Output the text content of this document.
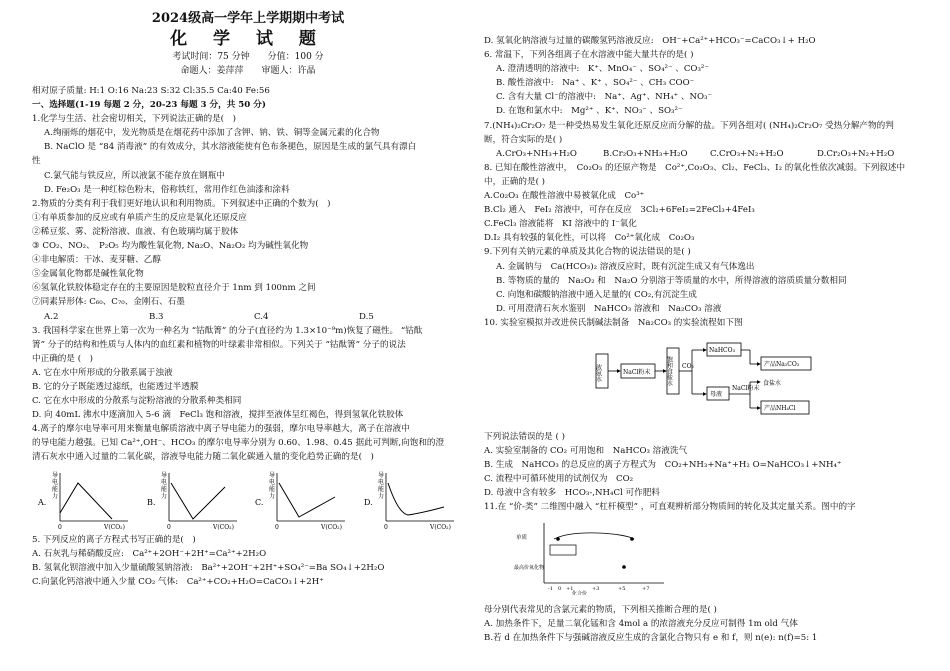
2024级高一学年上学期期中考试
化 学 试 题
考试时间：75 分钟　　分值：100 分
命题人：姜萍萍　　审题人：许晶
相对原子质量: H:1 O:16 Na:23 S:32 Cl:35.5 Ca:40 Fe:56
一、选择题(1-19 每题 2 分，20-23 每题 3 分，共 50 分)
1.化学与生活、社会密切相关，下列说法正确的是(　)
A.绚丽烁的烟花中，发光物质是在烟花药中添加了含钾、钠、铁、铜等金属元素的化合物
B. NaClO 是 “84 消毒液” 的有效成分，其水溶液能使有色布条褪色，原因是生成的氯气具有漂白
性
C.氯气能与铁反应，所以液氯不能存放在钢瓶中
D. Fe₂O₃ 是一种红棕色粉末，俗称铁红，常用作红色油漆和涂料
2.物质的分类有利于我们更好地认识和利用物质。下列叙述中正确的个数为(　)
①有单质参加的反应或有单质产生的反应是氧化还原反应
②稀豆浆、雾、淀粉溶液、血液、有色玻璃均属于胶体
③ CO₂、NO₂、　P₂O₅ 均为酸性氧化物, Na₂O、Na₂O₂ 均为碱性氧化物
④非电解质：干冰、麦芽糖、乙醇
⑤金属氧化物都是碱性氧化物
⑥氢氧化铁胶体稳定存在的主要原因是胶粒直径介于 1nm 到 100nm 之间
⑦同素异形体: C₆₀、C₇₀、金刚石、石墨
A.2	B.3	C.4	D.5
3. 我国科学家在世界上第一次为一种名为 “钴酞箐” 的分子(直径约为 1.3×10⁻⁹m)恢复了磁性。 “钴酞
箐” 分子的结构和性质与人体内的血红素和植物的叶绿素非常相似。下列关于 “钴酞箐” 分子的说法
中正确的是 (　)
A. 它在水中所形成的分散系属于浊液
B. 它的分子既能透过滤纸，也能透过半透膜
C. 它在水中形成的分散系与淀粉溶液的分散系种类相同
D. 向 40mL 沸水中逐滴加入 5-6 滴　FeCl₃ 饱和溶液，搅拌至液体呈红褐色，得到氢氧化铁胶体
4.离子的摩尔电导率可用来衡量电解质溶液中离子导电能力的强弱，摩尔电导率越大，离子在溶液中
的导电能力越强。已知 Ca²⁺,OH⁻、HCO₃ 的摩尔电导率分别为 0.60、1.98、0.45 据此可判断,向饱和的澄
清石灰水中通入过量的二氧化碳，溶液导电能力随二氧化碳通入量的变化趋势正确的是(　)
A.
导
电
能
力
0	V(CO₂)
B.
导
电
能
力
0	V(CO₂)
C.
导
电
能
力
0	V(CO₂)
D.
导
电
能
力
0	V(CO₂)
5. 下列反应的离子方程式书写正确的是(　)
A. 石灰乳与稀硝酸反应:　Ca²⁺+2OH⁻+2H⁺=Ca²⁺+2H₂O
B. 氢氧化钡溶液中加入少量硫酸氢钠溶液:　Ba²⁺+2OH⁻+2H⁺+SO₄²⁻=Ba SO₄↓+2H₂O
C.向氯化钙溶液中通入少量 CO₂ 气体:　Ca²⁺+CO₂+H₂O=CaCO₃↓+2H⁺
D. 氢氧化钠溶液与过量的碳酸氢钙溶液反应:　OH⁻+Ca²⁺+HCO₃⁻=CaCO₃↓+ H₂O
6. 常温下，下列各组离子在水溶液中能大量共存的是( )
A. 澄清透明的溶液中:　K⁺、MnO₄⁻ 、SO₄²⁻ 、CO₃²⁻
B. 酸性溶液中:　Na⁺ 、K⁺ 、SO₄²⁻ 、CH₃ COO⁻
C. 含有大量 Cl⁻的溶液中:　Na⁺、Ag⁺、NH₄⁺ 、NO₃⁻
D. 在饱和氯水中:　Mg²⁺ 、K⁺、NO₃⁻ 、SO₃²⁻
7.(NH₄)₂Cr₂O₇ 是一种受热易发生氧化还原反应而分解的盐。下列各组对( (NH₄)₂Cr₂O₇ 受热分解产物的判
断，符合实际的是( )
A.CrO₃+NH₃+H₂O	B.Cr₂O₃+NH₃+H₂O	C.CrO₃+N₂+H₂O	D.Cr₂O₃+N₂+H₂O
8. 已知在酸性溶液中，　Co₂O₃ 的还原产物是　Co²⁺,Co₂O₃、Cl₂、FeCl₃、I₂ 的氧化性依次减弱。下列叙述中
中，正确的是( )
A.Co₂O₃ 在酸性溶液中易被氧化成　Co³⁺
B.Cl₂ 通入　FeI₂ 溶液中，可存在反应　3Cl₂+6FeI₂=2FeCl₃+4FeI₃
C.FeCl₃ 溶液能将　KI 溶液中的 I⁻氧化
D.I₂ 具有较强的氧化性，可以将　Co²⁺氧化成　Co₂O₃
9.下列有关钠元素的单质及其化合物的说法错误的是( )
A. 金属钠与　Ca(HCO₃)₂ 溶液反应时，既有沉淀生成又有气体逸出
B. 等物质的量的　Na₂O₂ 和　Na₂O 分别溶于等质量的水中，所得溶液的溶质质量分数相同
C. 向饱和碳酸钠溶液中通入足量的( CO₂,有沉淀生成
D. 可用澄清石灰水鉴别　NaHCO₃ 溶液和　Na₂CO₃ 溶液
10. 实验室模拟并改进侯氏制碱法制备　Na₂CO₃ 的实验流程如下图
浓氨水	NaCl粉末	饱和食盐水 CO₂
NaHCO₃
产品Na₂CO₃
母液
NaCl粉末
食盐水
产品NH₄Cl
下列说法错误的是 ( )
A. 实验室制备的 CO₂ 可用饱和　NaHCO₃ 溶液洗气
B. 生成　NaHCO₃ 的总反应的离子方程式为　CO₂+NH₃+Na⁺+H₂ O=NaHCO₃↓+NH₄⁺
C. 流程中可循环使用的试剂仅为　CO₂
D. 母液中含有较多　HCO₃-,NH₄Cl 可作肥料
11.在 “价-类” 二维图中融入 “杠杆模型” ，可直观辨析部分物质间的转化及其定量关系。图中的字
单质
最高价氧化物
-1 0 +1	+3	+5	+7
化合价
母分别代表常见的含氯元素的物质，下列相关推断合理的是( )
A. 加热条件下，足量二氧化锰和含 4mol a 的浓溶液充分反应可制得 1m old 气体
B.若 d 在加热条件下与强碱溶液反应生成的含氯化合物只有 e 和 f，则 n(e): n(f)=5: 1
